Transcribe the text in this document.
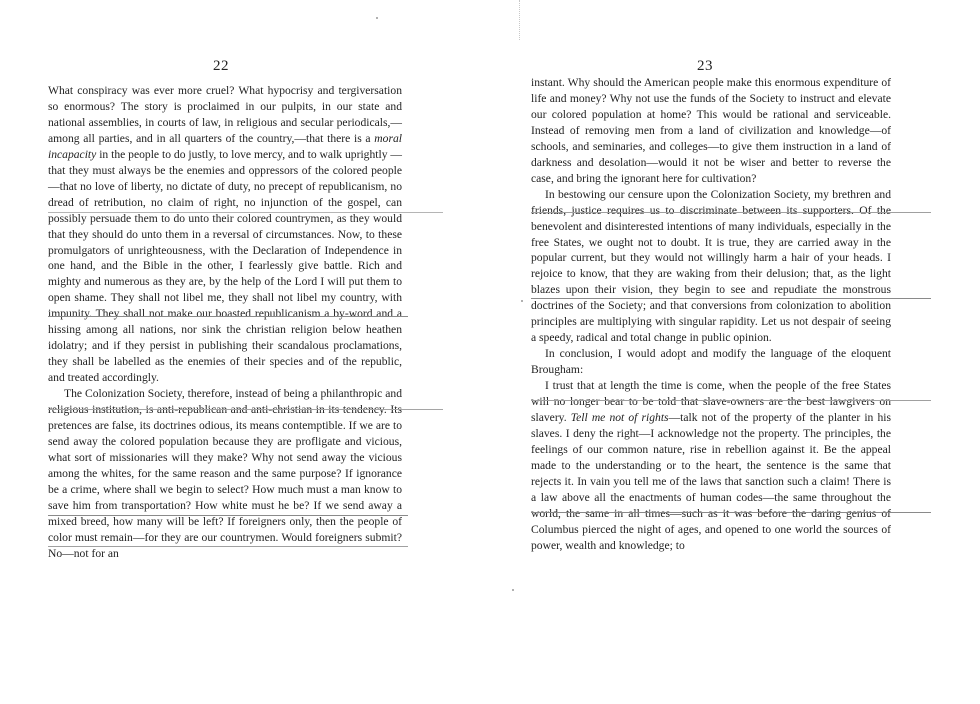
22

What conspiracy was ever more cruel? What hypocrisy and tergiversation so enormous? The story is proclaimed in our pulpits, in our state and national assemblies, in courts of law, in religious and secular periodicals,—among all parties, and in all quarters of the country,—that there is a moral incapacity in the people to do justly, to love mercy, and to walk uprightly —that they must always be the enemies and oppressors of the colored people—that no love of liberty, no dictate of duty, no precept of republicanism, no dread of retribution, no claim of right, no injunction of the gospel, can possibly persuade them to do unto their colored countrymen, as they would that they should do unto them in a reversal of circumstances. Now, to these promulgators of unrighteousness, with the Declaration of Independence in one hand, and the Bible in the other, I fearlessly give battle. Rich and mighty and numerous as they are, by the help of the Lord I will put them to open shame. They shall not libel me, they shall not libel my country, with impunity. They shall not make our boasted republicanism a by-word and a hissing among all nations, nor sink the christian religion below heathen idolatry; and if they persist in publishing their scandalous proclamations, they shall be labelled as the enemies of their species and of the republic, and treated accordingly.

The Colonization Society, therefore, instead of being a philanthropic and religious institution, is anti-republican and anti-christian in its tendency. Its pretences are false, its doctrines odious, its means contemptible. If we are to send away the colored population because they are profligate and vicious, what sort of missionaries will they make? Why not send away the vicious among the whites, for the same reason and the same purpose? If ignorance be a crime, where shall we begin to select? How much must a man know to save him from transportation? How white must he be? If we send away a mixed breed, how many will be left? If foreigners only, then the people of color must remain—for they are our countrymen. Would foreigners submit? No—not for an

23

instant. Why should the American people make this enormous expenditure of life and money? Why not use the funds of the Society to instruct and elevate our colored population at home? This would be rational and serviceable. Instead of removing men from a land of civilization and knowledge—of schools, and seminaries, and colleges—to give them instruction in a land of darkness and desolation—would it not be wiser and better to reverse the case, and bring the ignorant here for cultivation?

In bestowing our censure upon the Colonization Society, my brethren and friends, justice requires us to discriminate between its supporters. Of the benevolent and disinterested intentions of many individuals, especially in the free States, we ought not to doubt. It is true, they are carried away in the popular current, but they would not willingly harm a hair of your heads. I rejoice to know, that they are waking from their delusion; that, as the light blazes upon their vision, they begin to see and repudiate the monstrous doctrines of the Society; and that conversions from colonization to abolition principles are multiplying with singular rapidity. Let us not despair of seeing a speedy, radical and total change in public opinion.

In conclusion, I would adopt and modify the language of the eloquent Brougham:

I trust that at length the time is come, when the people of the free States will no longer bear to be told that slave-owners are the best lawgivers on slavery. Tell me not of rights—talk not of the property of the planter in his slaves. I deny the right—I acknowledge not the property. The principles, the feelings of our common nature, rise in rebellion against it. Be the appeal made to the understanding or to the heart, the sentence is the same that rejects it. In vain you tell me of the laws that sanction such a claim! There is a law above all the enactments of human codes—the same throughout the world, the same in all times—such as it was before the daring genius of Columbus pierced the night of ages, and opened to one world the sources of power, wealth and knowledge; to
